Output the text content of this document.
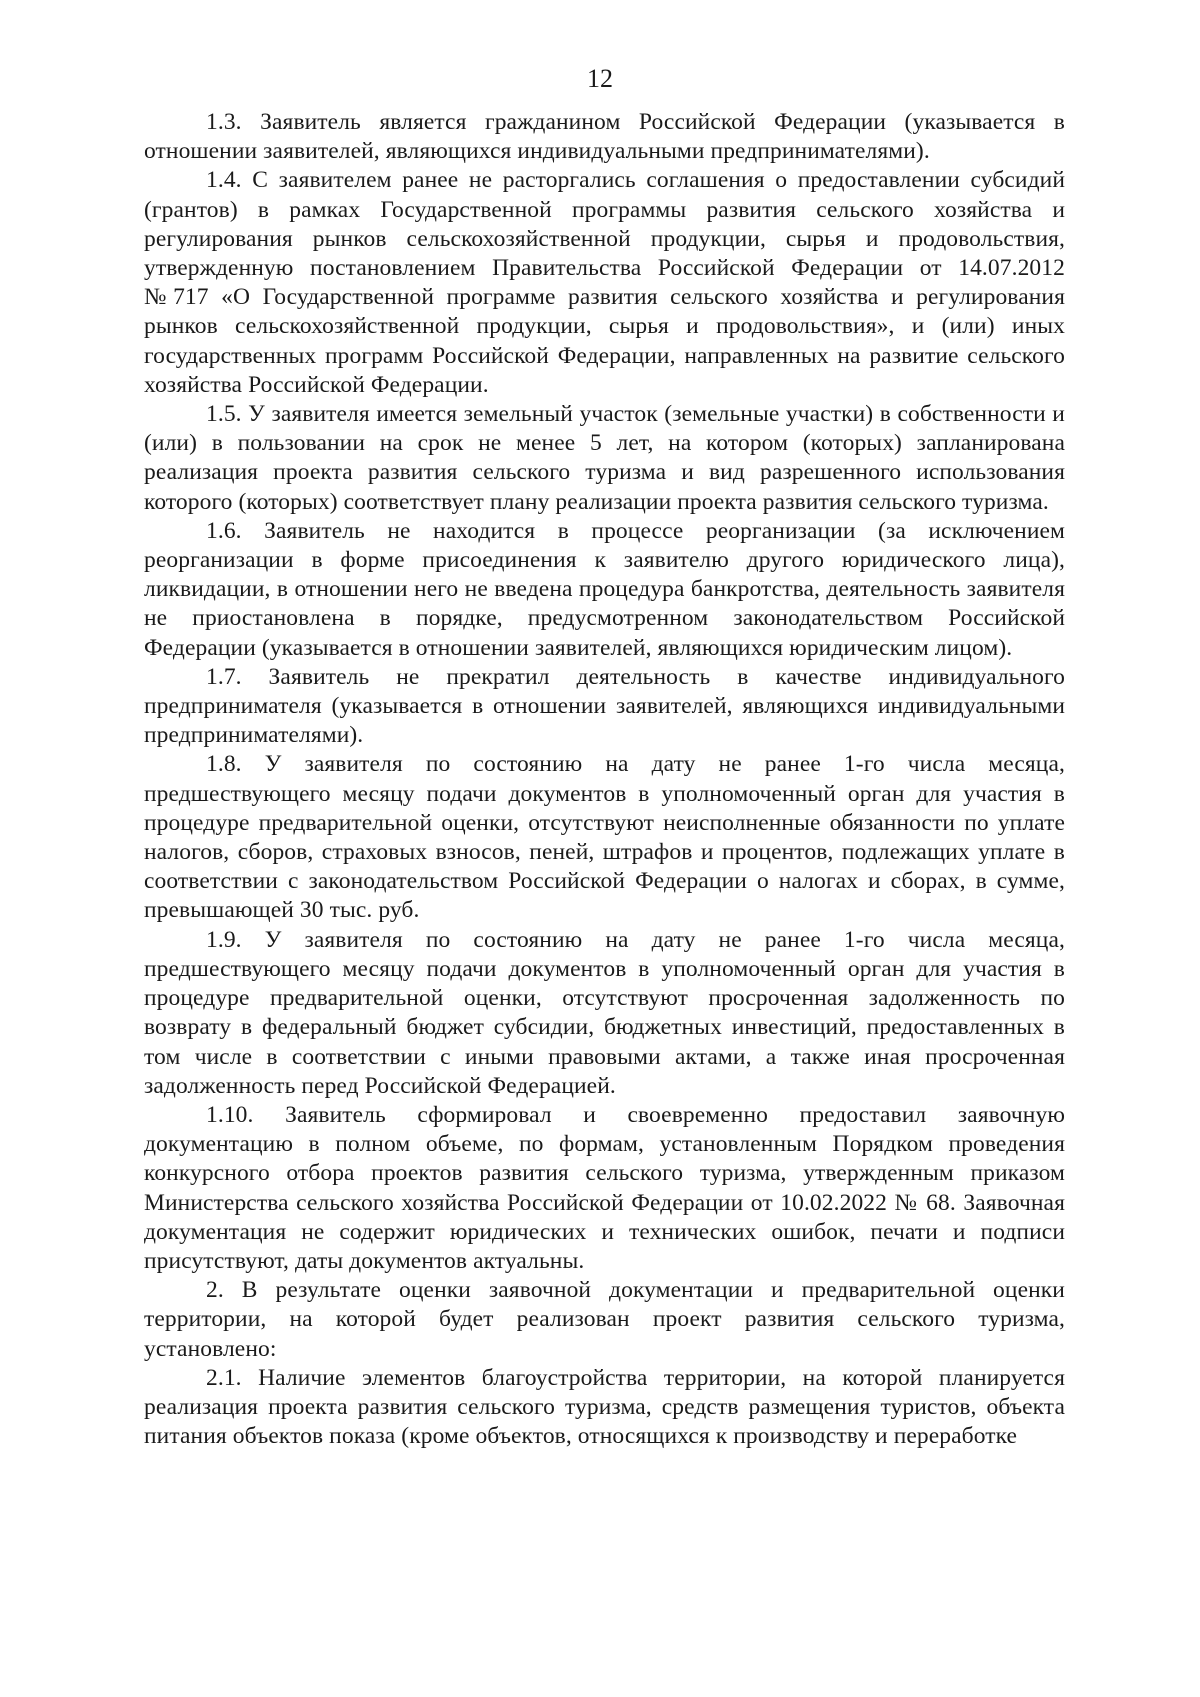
12

1.3. Заявитель является гражданином Российской Федерации (указывается в отношении заявителей, являющихся индивидуальными предпринимателями).

1.4. С заявителем ранее не расторгались соглашения о предоставлении субсидий (грантов) в рамках Государственной программы развития сельского хозяйства и регулирования рынков сельскохозяйственной продукции, сырья и продовольствия, утвержденную постановлением Правительства Российской Федерации от 14.07.2012 №717 «О Государственной программе развития сельского хозяйства и регулирования рынков сельскохозяйственной продукции, сырья и продовольствия», и (или) иных государственных программ Российской Федерации, направленных на развитие сельского хозяйства Российской Федерации.

1.5. У заявителя имеется земельный участок (земельные участки) в собственности и (или) в пользовании на срок не менее 5 лет, на котором (которых) запланирована реализация проекта развития сельского туризма и вид разрешенного использования которого (которых) соответствует плану реализации проекта развития сельского туризма.

1.6. Заявитель не находится в процессе реорганизации (за исключением реорганизации в форме присоединения к заявителю другого юридического лица), ликвидации, в отношении него не введена процедура банкротства, деятельность заявителя не приостановлена в порядке, предусмотренном законодательством Российской Федерации (указывается в отношении заявителей, являющихся юридическим лицом).

1.7. Заявитель не прекратил деятельность в качестве индивидуального предпринимателя (указывается в отношении заявителей, являющихся индивидуальными предпринимателями).

1.8. У заявителя по состоянию на дату не ранее 1-го числа месяца, предшествующего месяцу подачи документов в уполномоченный орган для участия в процедуре предварительной оценки, отсутствуют неисполненные обязанности по уплате налогов, сборов, страховых взносов, пеней, штрафов и процентов, подлежащих уплате в соответствии с законодательством Российской Федерации о налогах и сборах, в сумме, превышающей 30 тыс. руб.

1.9. У заявителя по состоянию на дату не ранее 1-го числа месяца, предшествующего месяцу подачи документов в уполномоченный орган для участия в процедуре предварительной оценки, отсутствуют просроченная задолженность по возврату в федеральный бюджет субсидии, бюджетных инвестиций, предоставленных в том числе в соответствии с иными правовыми актами, а также иная просроченная задолженность перед Российской Федерацией.

1.10. Заявитель сформировал и своевременно предоставил заявочную документацию в полном объеме, по формам, установленным Порядком проведения конкурсного отбора проектов развития сельского туризма, утвержденным приказом Министерства сельского хозяйства Российской Федерации от 10.02.2022 № 68. Заявочная документация не содержит юридических и технических ошибок, печати и подписи присутствуют, даты документов актуальны.

2. В результате оценки заявочной документации и предварительной оценки территории, на которой будет реализован проект развития сельского туризма, установлено:

2.1. Наличие элементов благоустройства территории, на которой планируется реализация проекта развития сельского туризма, средств размещения туристов, объекта питания объектов показа (кроме объектов, относящихся к производству и переработке
